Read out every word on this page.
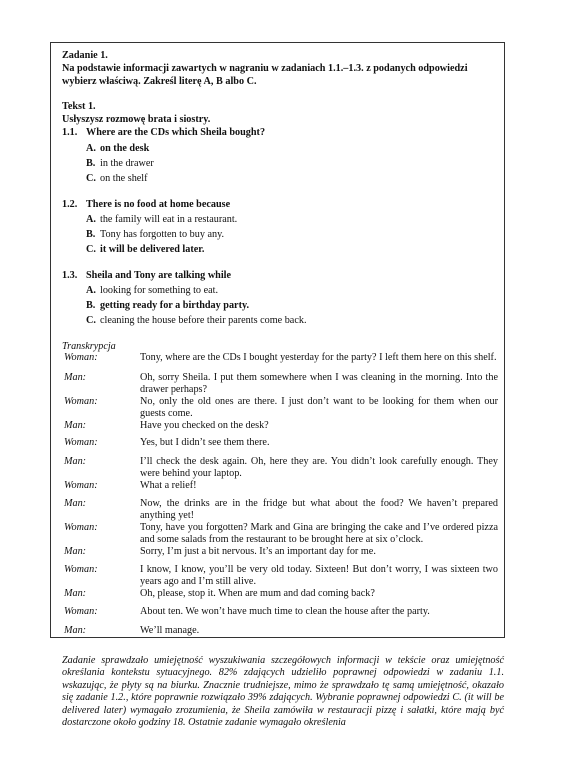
Zadanie 1.
Na podstawie informacji zawartych w nagraniu w zadaniach 1.1.–1.3. z podanych odpowiedzi wybierz właściwą. Zakreśl literę A, B albo C.
Tekst 1.
Usłyszysz rozmowę brata i siostry.
1.1. Where are the CDs which Sheila bought?
A. on the desk
B. in the drawer
C. on the shelf
1.2. There is no food at home because
A. the family will eat in a restaurant.
B. Tony has forgotten to buy any.
C. it will be delivered later.
1.3. Sheila and Tony are talking while
A. looking for something to eat.
B. getting ready for a birthday party.
C. cleaning the house before their parents come back.
Transkrypcja
Woman:	Tony, where are the CDs I bought yesterday for the party? I left them here on this shelf.
Man:	Oh, sorry Sheila. I put them somewhere when I was cleaning in the morning. Into the drawer perhaps?
Woman:	No, only the old ones are there. I just don’t want to be looking for them when our guests come.
Man:	Have you checked on the desk?
Woman:	Yes, but I didn’t see them there.
Man:	I’ll check the desk again. Oh, here they are. You didn’t look carefully enough. They were behind your laptop.
Woman:	What a relief!
Man:	Now, the drinks are in the fridge but what about the food? We haven’t prepared anything yet!
Woman:	Tony, have you forgotten? Mark and Gina are bringing the cake and I’ve ordered pizza and some salads from the restaurant to be brought here at six o’clock.
Man:	Sorry, I’m just a bit nervous. It’s an important day for me.
Woman:	I know, I know, you’ll be very old today. Sixteen! But don’t worry, I was sixteen two years ago and I’m still alive.
Man:	Oh, please, stop it. When are mum and dad coming back?
Woman:	About ten. We won’t have much time to clean the house after the party.
Man:	We’ll manage.
Zadanie sprawdzało umiejętność wyszukiwania szczegółowych informacji w tekście oraz umiejętność określania kontekstu sytuacyjnego. 82% zdających udzieliło poprawnej odpowiedzi w zadaniu 1.1. wskazując, że płyty są na biurku. Znacznie trudniejsze, mimo że sprawdzało tę samą umiejętność, okazało się zadanie 1.2., które poprawnie rozwiązało 39% zdających. Wybranie poprawnej odpowiedzi C. (it will be delivered later) wymagało zrozumienia, że Sheila zamówiła w restauracji pizzę i sałatki, które mają być dostarczone około godziny 18. Ostatnie zadanie wymagało określenia
